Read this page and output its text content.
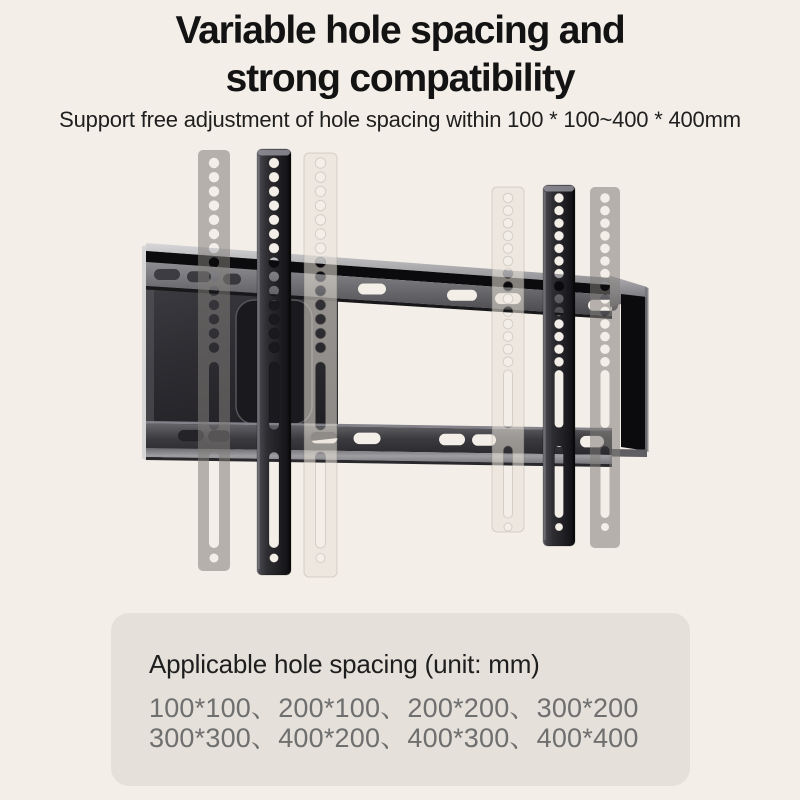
Variable hole spacing and
strong compatibility

Support free adjustment of hole spacing within 100 * 100~400 * 400mm

Applicable hole spacing (unit: mm)

100*100、200*100、200*200、300*200
300*300、400*200、400*300、400*400
